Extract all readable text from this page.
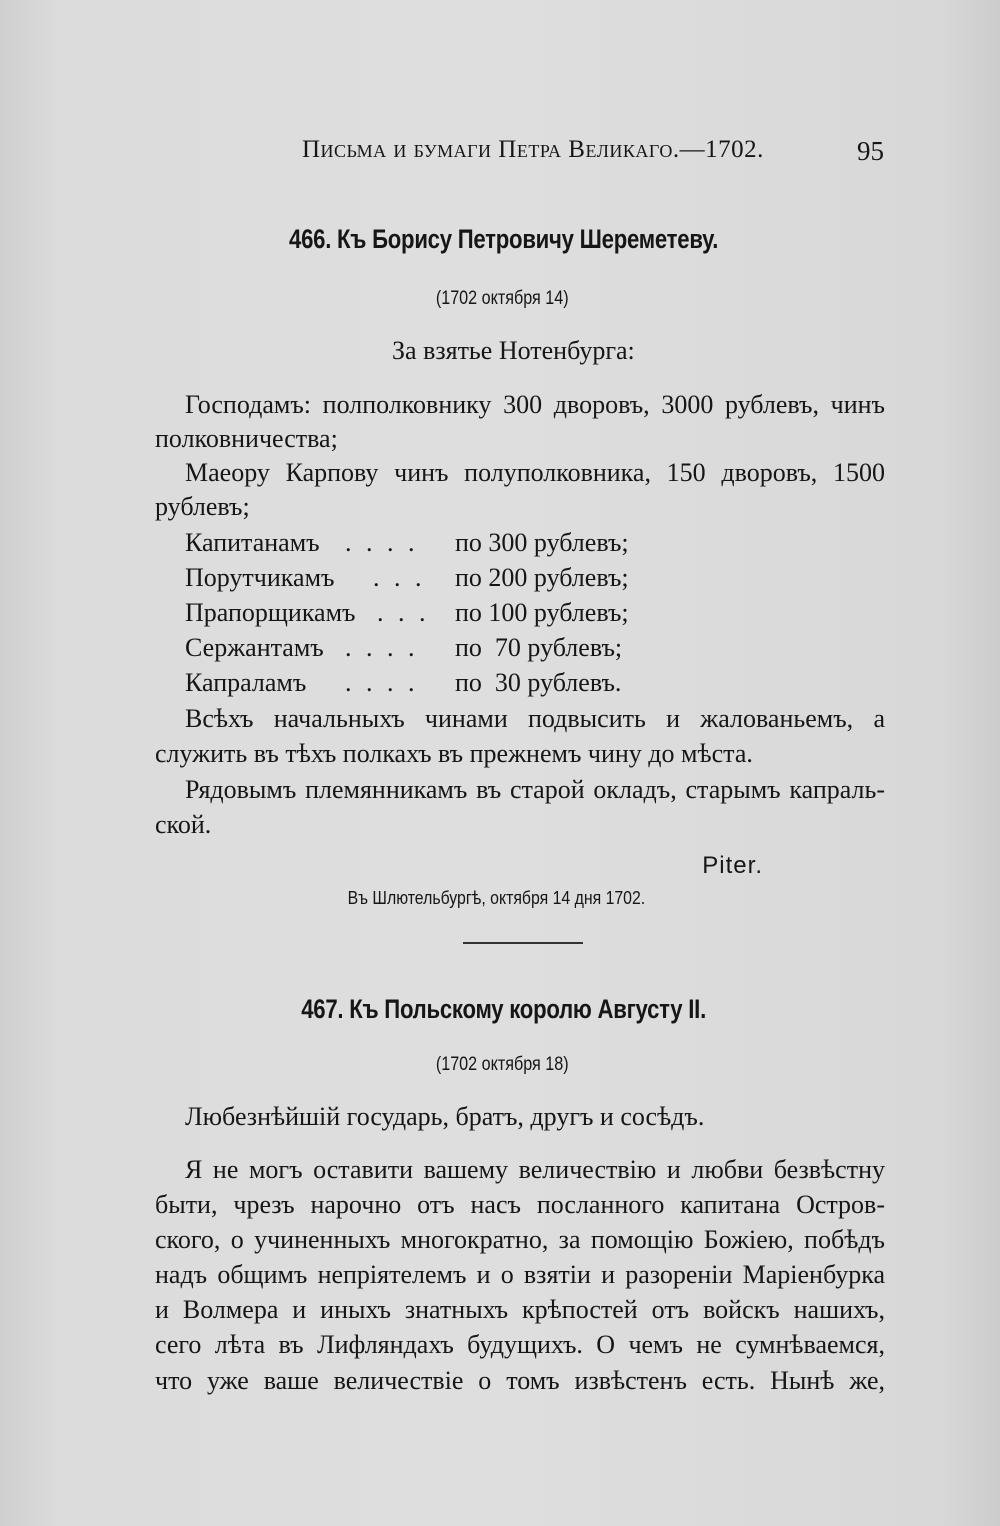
Письма и бумаги Петра Великаго.—1702.	95
466. Къ Борису Петровичу Шереметеву.
(1702 октября 14)
За взятье Нотенбурга:
Господамъ: полполковнику 300 дворовъ, 3000 рублевъ, чинъ
полковничества;
Маеору Карпову чинъ полуполковника, 150 дворовъ, 1500
рублевъ;
Капитанамъ . . . . по 300 рублевъ;
Порутчикамъ . . . по 200 рублевъ;
Прапорщикамъ . . . по 100 рублевъ;
Сержантамъ . . . . по  70 рублевъ;
Капраламъ . . . . по  30 рублевъ.
Всѣхъ начальныхъ чинами подвысить и жалованьемъ, а
служить въ тѣхъ полкахъ въ прежнемъ чину до мѣста.
Рядовымъ племянникамъ въ старой окладъ, старымъ капраль-
ской.
Piter.
Въ Шлютельбургѣ, октября 14 дня 1702.
467. Къ Польскому королю Августу II.
(1702 октября 18)
Любезнѣйшій государь, братъ, другъ и сосѣдъ.
Я не могъ оставити вашему величествію и любви безвѣстну
быти, чрезъ нарочно отъ насъ посланного капитана Остров-
ского, о учиненныхъ многократно, за помощію Божіею, побѣдъ
надъ общимъ непріятелемъ и о взятіи и разореніи Маріенбурка
и Волмера и иныхъ знатныхъ крѣпостей отъ войскъ нашихъ,
сего лѣта въ Лифляндахъ будущихъ. О чемъ не сумнѣваемся,
что уже ваше величествіе о томъ извѣстенъ есть. Нынѣ же,
